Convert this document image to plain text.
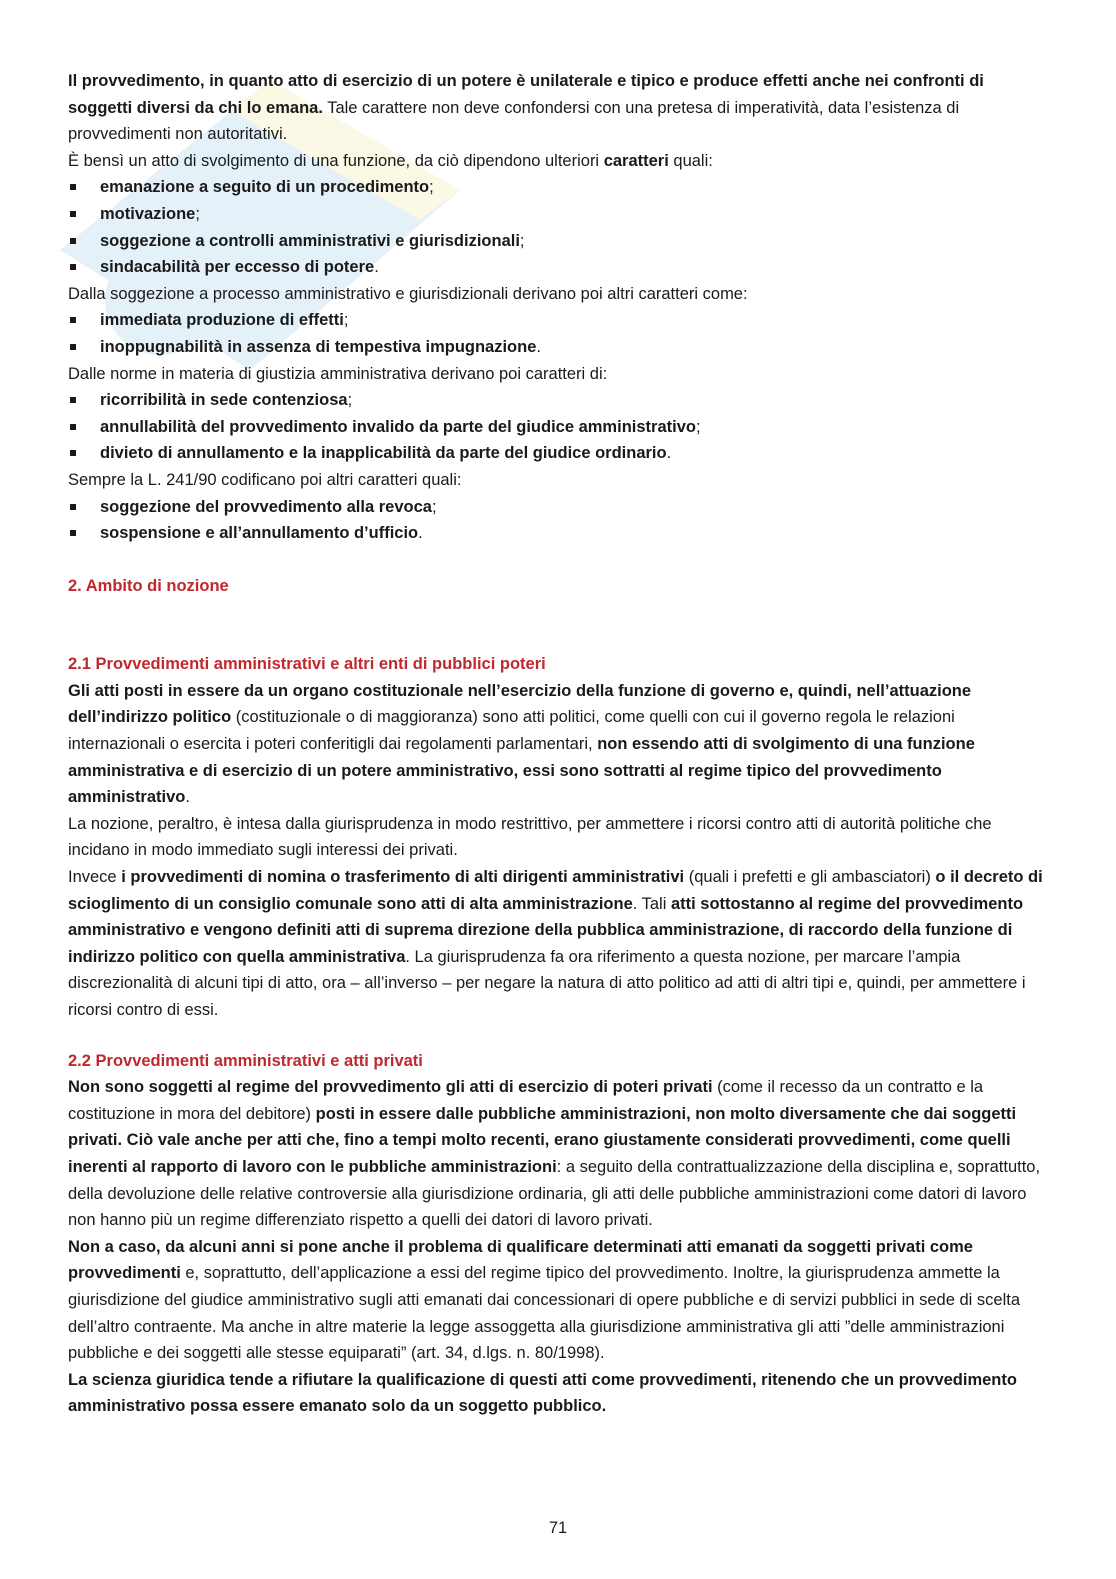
Il provvedimento, in quanto atto di esercizio di un potere è unilaterale e tipico e produce effetti anche nei confronti di soggetti diversi da chi lo emana. Tale carattere non deve confondersi con una pretesa di imperatività, data l’esistenza di provvedimenti non autoritativi.

È bensì un atto di svolgimento di una funzione, da ciò dipendono ulteriori caratteri quali:

emanazione a seguito di un procedimento;
motivazione;
soggezione a controlli amministrativi e giurisdizionali;
sindacabilità per eccesso di potere.

Dalla soggezione a processo amministrativo e giurisdizionali derivano poi altri caratteri come:

immediata produzione di effetti;
inoppugnabilità in assenza di tempestiva impugnazione.

Dalle norme in materia di giustizia amministrativa derivano poi caratteri di:

ricorribilità in sede contenziosa;
annullabilità del provvedimento invalido da parte del giudice amministrativo;
divieto di annullamento e la inapplicabilità da parte del giudice ordinario.

Sempre la L. 241/90 codificano poi altri caratteri quali:

soggezione del provvedimento alla revoca;
sospensione e all’annullamento d’ufficio.

2. Ambito di nozione

2.1 Provvedimenti amministrativi e altri enti di pubblici poteri

Gli atti posti in essere da un organo costituzionale nell’esercizio della funzione di governo e, quindi, nell’attuazione dell’indirizzo politico (costituzionale o di maggioranza) sono atti politici, come quelli con cui il governo regola le relazioni internazionali o esercita i poteri conferitigli dai regolamenti parlamentari, non essendo atti di svolgimento di una funzione amministrativa e di esercizio di un potere amministrativo, essi sono sottratti al regime tipico del provvedimento amministrativo.

La nozione, peraltro, è intesa dalla giurisprudenza in modo restrittivo, per ammettere i ricorsi contro atti di autorità politiche che incidano in modo immediato sugli interessi dei privati.

Invece i provvedimenti di nomina o trasferimento di alti dirigenti amministrativi (quali i prefetti e gli ambasciatori) o il decreto di scioglimento di un consiglio comunale sono atti di alta amministrazione. Tali atti sottostanno al regime del provvedimento amministrativo e vengono definiti atti di suprema direzione della pubblica amministrazione, di raccordo della funzione di indirizzo politico con quella amministrativa. La giurisprudenza fa ora riferimento a questa nozione, per marcare l’ampia discrezionalità di alcuni tipi di atto, ora – all’inverso – per negare la natura di atto politico ad atti di altri tipi e, quindi, per ammettere i ricorsi contro di essi.

2.2 Provvedimenti amministrativi e atti privati

Non sono soggetti al regime del provvedimento gli atti di esercizio di poteri privati (come il recesso da un contratto e la costituzione in mora del debitore) posti in essere dalle pubbliche amministrazioni, non molto diversamente che dai soggetti privati. Ciò vale anche per atti che, fino a tempi molto recenti, erano giustamente considerati provvedimenti, come quelli inerenti al rapporto di lavoro con le pubbliche amministrazioni: a seguito della contrattualizzazione della disciplina e, soprattutto, della devoluzione delle relative controversie alla giurisdizione ordinaria, gli atti delle pubbliche amministrazioni come datori di lavoro non hanno più un regime differenziato rispetto a quelli dei datori di lavoro privati.

Non a caso, da alcuni anni si pone anche il problema di qualificare determinati atti emanati da soggetti privati come provvedimenti e, soprattutto, dell’applicazione a essi del regime tipico del provvedimento. Inoltre, la giurisprudenza ammette la giurisdizione del giudice amministrativo sugli atti emanati dai concessionari di opere pubbliche e di servizi pubblici in sede di scelta dell’altro contraente. Ma anche in altre materie la legge assoggetta alla giurisdizione amministrativa gli atti ”delle amministrazioni pubbliche e dei soggetti alle stesse equiparati” (art. 34, d.lgs. n. 80/1998).

La scienza giuridica tende a rifiutare la qualificazione di questi atti come provvedimenti, ritenendo che un provvedimento amministrativo possa essere emanato solo da un soggetto pubblico.

71
